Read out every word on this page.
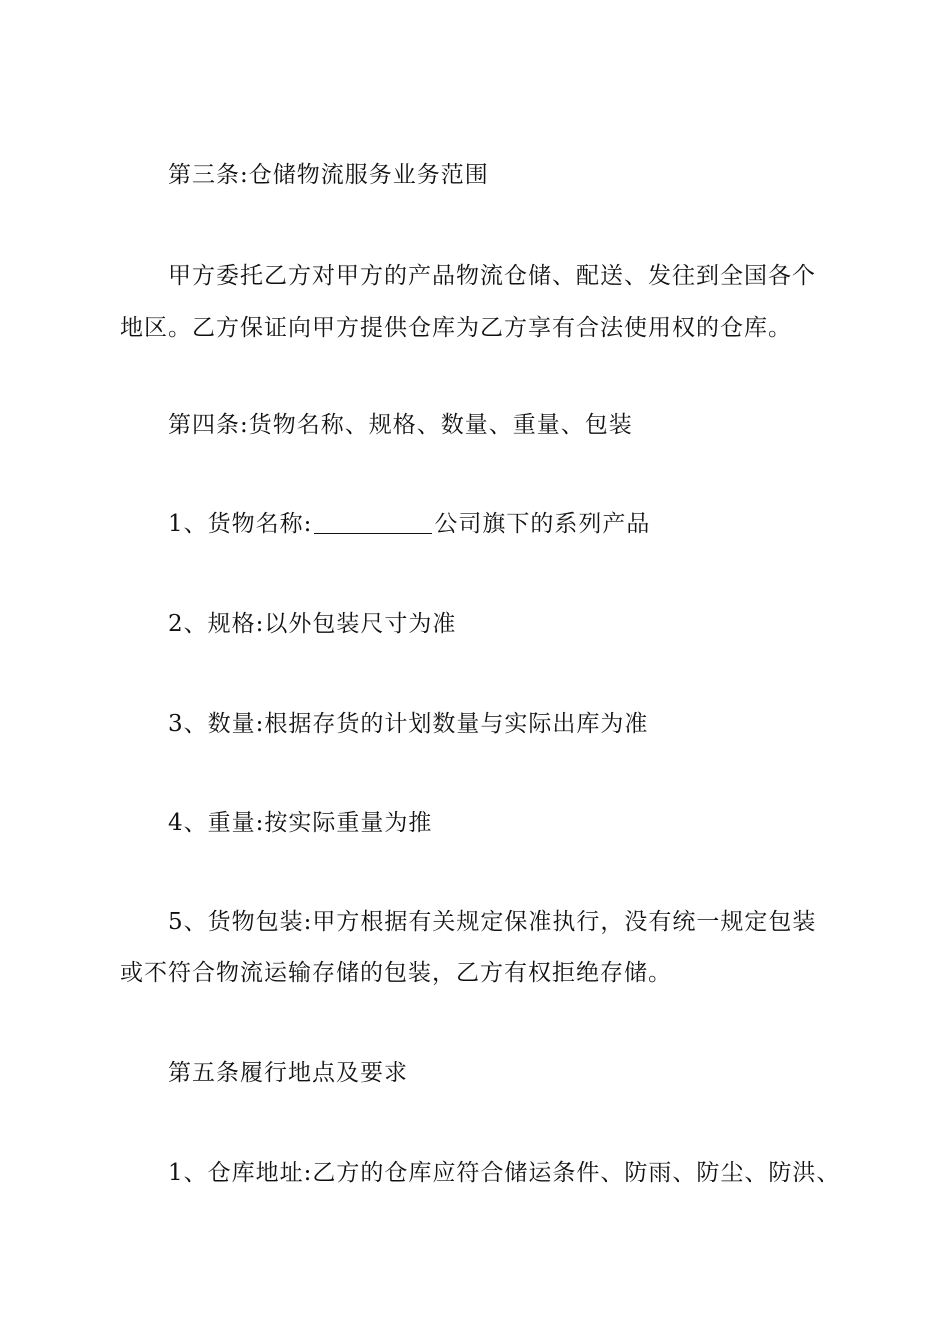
第三条:仓储物流服务业务范围
甲方委托乙方对甲方的产品物流仓储、配送、发往到全国各个
地区。乙方保证向甲方提供仓库为乙方享有合法使用权的仓库。
第四条:货物名称、规格、数量、重量、包装
1、货物名称:	公司旗下的系列产品
2、规格:以外包装尺寸为准
3、数量:根据存货的计划数量与实际出库为准
4、重量:按实际重量为推
5、货物包装:甲方根据有关规定保准执行，没有统一规定包装
或不符合物流运输存储的包装，乙方有权拒绝存储。
第五条履行地点及要求
1、仓库地址:乙方的仓库应符合储运条件、防雨、防尘、防洪、
